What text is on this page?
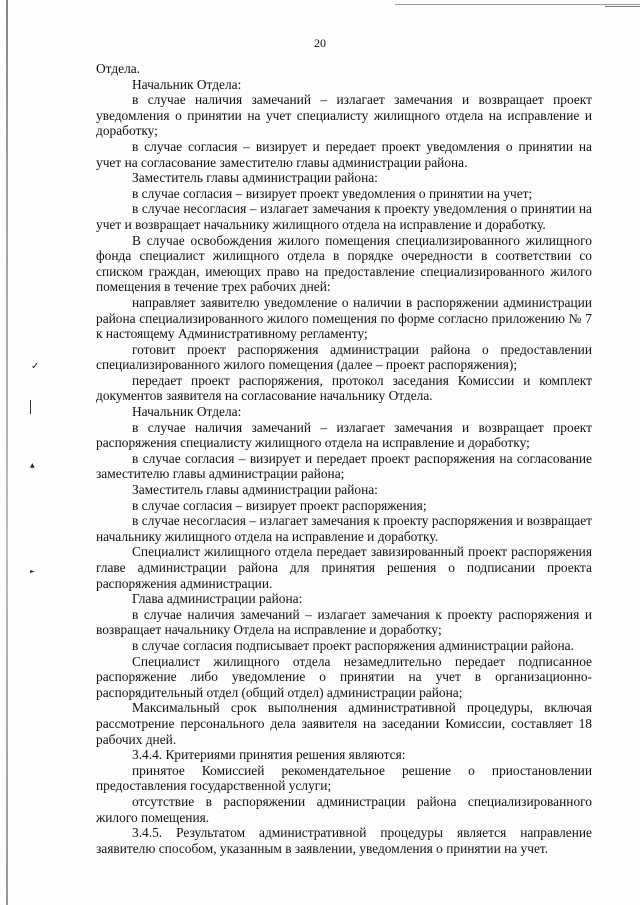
✓
▲
►
20

Отдела.

Начальник Отдела:

в случае наличия замечаний – излагает замечания и возвращает проект уведомления о принятии на учет специалисту жилищного отдела на исправление и доработку;

в случае согласия – визирует и передает проект уведомления о принятии на учет на согласование заместителю главы администрации района.

Заместитель главы администрации района:

в случае согласия – визирует проект уведомления о принятии на учет;

в случае несогласия – излагает замечания к проекту уведомления о принятии на учет и возвращает начальнику жилищного отдела на исправление и доработку.

В случае освобождения жилого помещения специализированного жилищного фонда специалист жилищного отдела в порядке очередности в соответствии со списком граждан, имеющих право на предоставление специализированного жилого помещения в течение трех рабочих дней:

направляет заявителю уведомление о наличии в распоряжении администрации района специализированного жилого помещения по форме согласно приложению № 7 к настоящему Административному регламенту;

готовит проект распоряжения администрации района о предоставлении специализированного жилого помещения (далее – проект распоряжения);

передает проект распоряжения, протокол заседания Комиссии и комплект документов заявителя на согласование начальнику Отдела.

Начальник Отдела:

в случае наличия замечаний – излагает замечания и возвращает проект распоряжения специалисту жилищного отдела на исправление и доработку;

в случае согласия – визирует и передает проект распоряжения на согласование заместителю главы администрации района;

Заместитель главы администрации района:

в случае согласия – визирует проект распоряжения;

в случае несогласия – излагает замечания к проекту распоряжения и возвращает начальнику жилищного отдела на исправление и доработку.

Специалист жилищного отдела передает завизированный проект распоряжения главе администрации района для принятия решения о подписании проекта распоряжения администрации.

Глава администрации района:

в случае наличия замечаний – излагает замечания к проекту распоряжения и возвращает начальнику Отдела на исправление и доработку;

в случае согласия подписывает проект распоряжения администрации района.

Специалист жилищного отдела незамедлительно передает подписанное распоряжение либо уведомление о принятии на учет в организационно-распорядительный отдел (общий отдел) администрации района;

Максимальный срок выполнения административной процедуры, включая рассмотрение персонального дела заявителя на заседании Комиссии, составляет 18 рабочих дней.

3.4.4. Критериями принятия решения являются:

принятое Комиссией рекомендательное решение о приостановлении предоставления государственной услуги;

отсутствие в распоряжении администрации района специализированного жилого помещения.

3.4.5. Результатом административной процедуры является направление заявителю способом, указанным в заявлении, уведомления о принятии на учет.
